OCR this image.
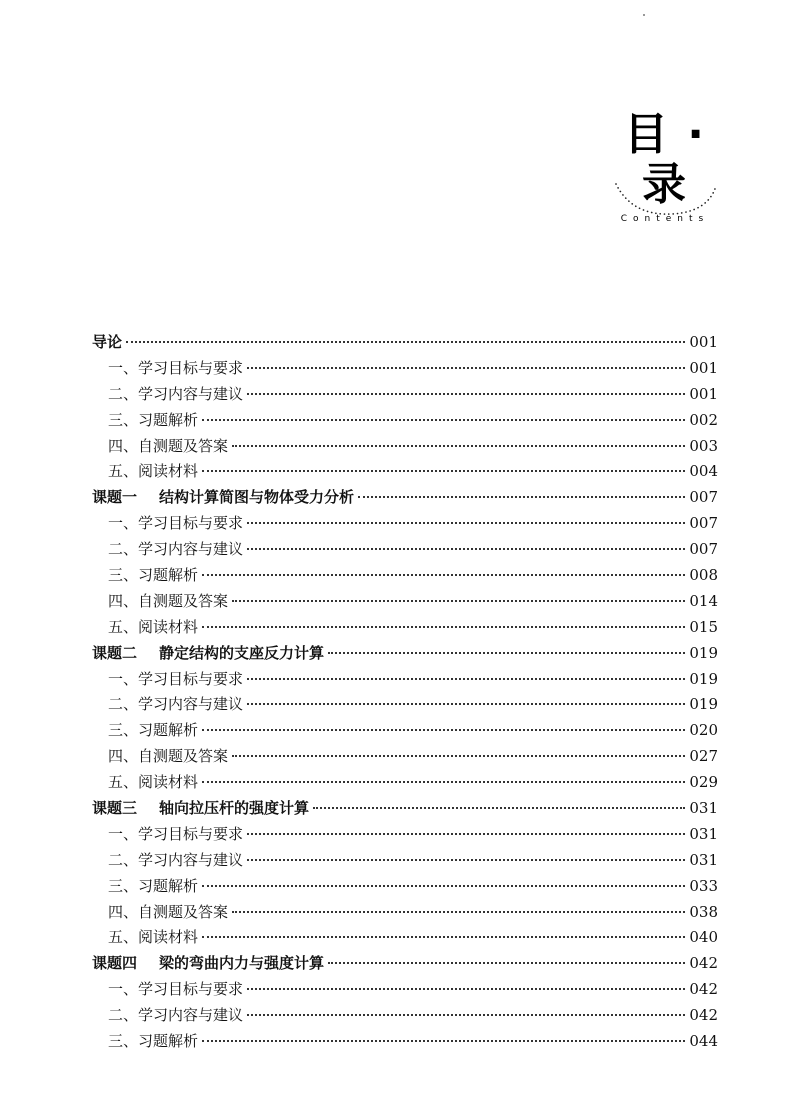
目 · 录
Contents
导论	001
一、学习目标与要求	001
二、学习内容与建议	001
三、习题解析	002
四、自测题及答案	003
五、阅读材料	004
课题一 结构计算简图与物体受力分析	007
一、学习目标与要求	007
二、学习内容与建议	007
三、习题解析	008
四、自测题及答案	014
五、阅读材料	015
课题二 静定结构的支座反力计算	019
一、学习目标与要求	019
二、学习内容与建议	019
三、习题解析	020
四、自测题及答案	027
五、阅读材料	029
课题三 轴向拉压杆的强度计算	031
一、学习目标与要求	031
二、学习内容与建议	031
三、习题解析	033
四、自测题及答案	038
五、阅读材料	040
课题四 梁的弯曲内力与强度计算	042
一、学习目标与要求	042
二、学习内容与建议	042
三、习题解析	044
